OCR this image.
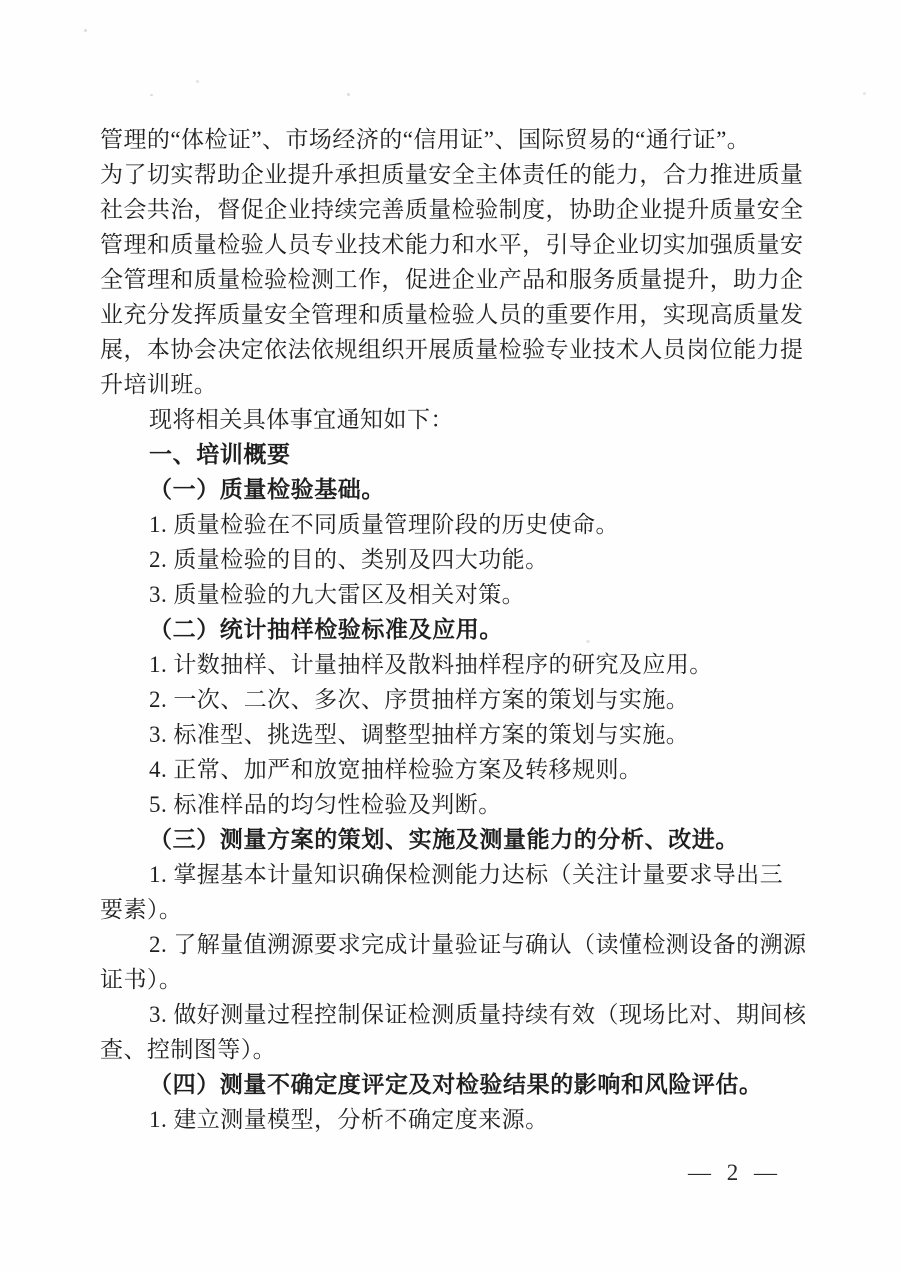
管理的“体检证”、市场经济的“信用证”、国际贸易的“通行证”。
为了切实帮助企业提升承担质量安全主体责任的能力，合力推进质量
社会共治，督促企业持续完善质量检验制度，协助企业提升质量安全
管理和质量检验人员专业技术能力和水平，引导企业切实加强质量安
全管理和质量检验检测工作，促进企业产品和服务质量提升，助力企
业充分发挥质量安全管理和质量检验人员的重要作用，实现高质量发
展，本协会决定依法依规组织开展质量检验专业技术人员岗位能力提
升培训班。
现将相关具体事宜通知如下：
一、培训概要
（一）质量检验基础。
1. 质量检验在不同质量管理阶段的历史使命。
2. 质量检验的目的、类别及四大功能。
3. 质量检验的九大雷区及相关对策。
（二）统计抽样检验标准及应用。
1. 计数抽样、计量抽样及散料抽样程序的研究及应用。
2. 一次、二次、多次、序贯抽样方案的策划与实施。
3. 标准型、挑选型、调整型抽样方案的策划与实施。
4. 正常、加严和放宽抽样检验方案及转移规则。
5. 标准样品的均匀性检验及判断。
（三）测量方案的策划、实施及测量能力的分析、改进。
1. 掌握基本计量知识确保检测能力达标（关注计量要求导出三
要素）。
2. 了解量值溯源要求完成计量验证与确认（读懂检测设备的溯源
证书）。
3. 做好测量过程控制保证检测质量持续有效（现场比对、期间核
查、控制图等）。
（四）测量不确定度评定及对检验结果的影响和风险评估。
1. 建立测量模型，分析不确定度来源。
— 2 —
